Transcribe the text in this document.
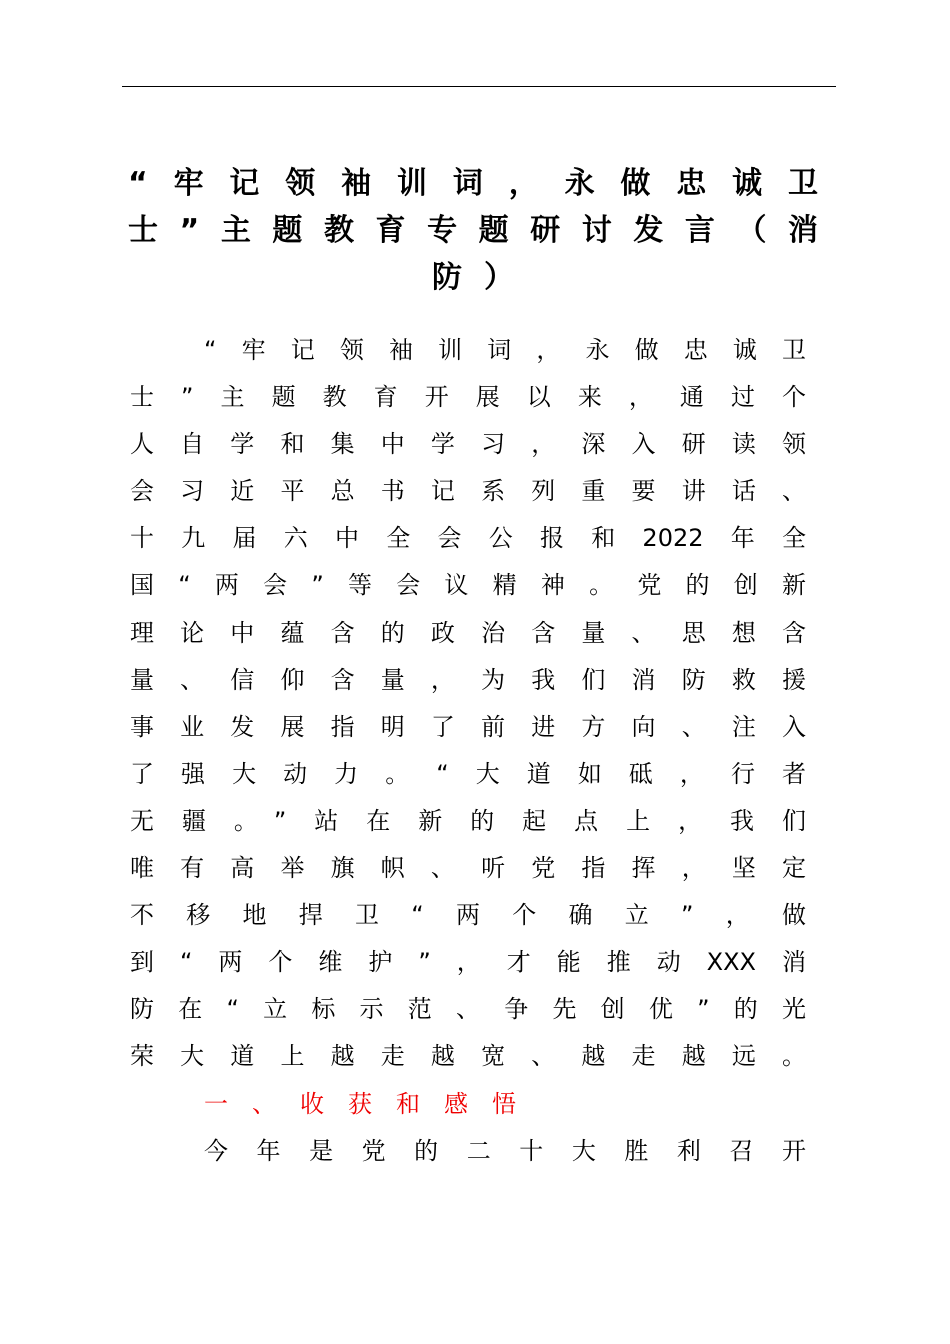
“牢记领袖训词，永做忠诚卫
士”主题教育专题研讨发言（消
防）
“牢记领袖训词，永做忠诚卫
士”主题教育开展以来，通过个
人自学和集中学习，深入研读领
会习近平总书记系列重要讲话、
十九届六中全会公报和2022年全
国“两会”等会议精神。党的创新
理论中蕴含的政治含量、思想含
量、信仰含量，为我们消防救援
事业发展指明了前进方向、注入
了强大动力。“大道如砥，行者
无疆。”站在新的起点上，我们
唯有高举旗帜、听党指挥，坚定
不移地捍卫“两个确立”，做
到“两个维护”，才能推动XXX消
防在“立标示范、争先创优”的光
荣大道上越走越宽、越走越远。
一、收获和感悟
今年是党的二十大胜利召开
